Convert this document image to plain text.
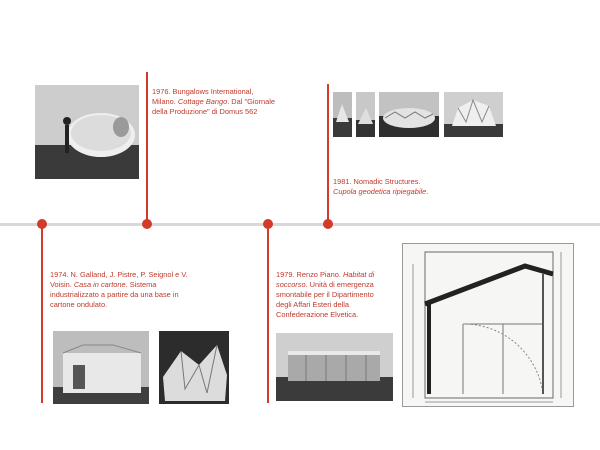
1976. Bungalows International, Milano. Cottage Bango. Dal "Giornale della Produzione" di Domus 562
1981. Nomadic Structures.
Cupola geodetica ripiegabile.
1974. N. Galland, J. Pistre, P. Seignol e V. Voisin. Casa in cartone. Sistema industrializzato a partire da una base in cartone ondulato.
1979. Renzo Piano. Habitat di soccorso. Unità di emergenza smontabile per il Dipartimento degli Affari Esteri della Confederazione Elvetica.
